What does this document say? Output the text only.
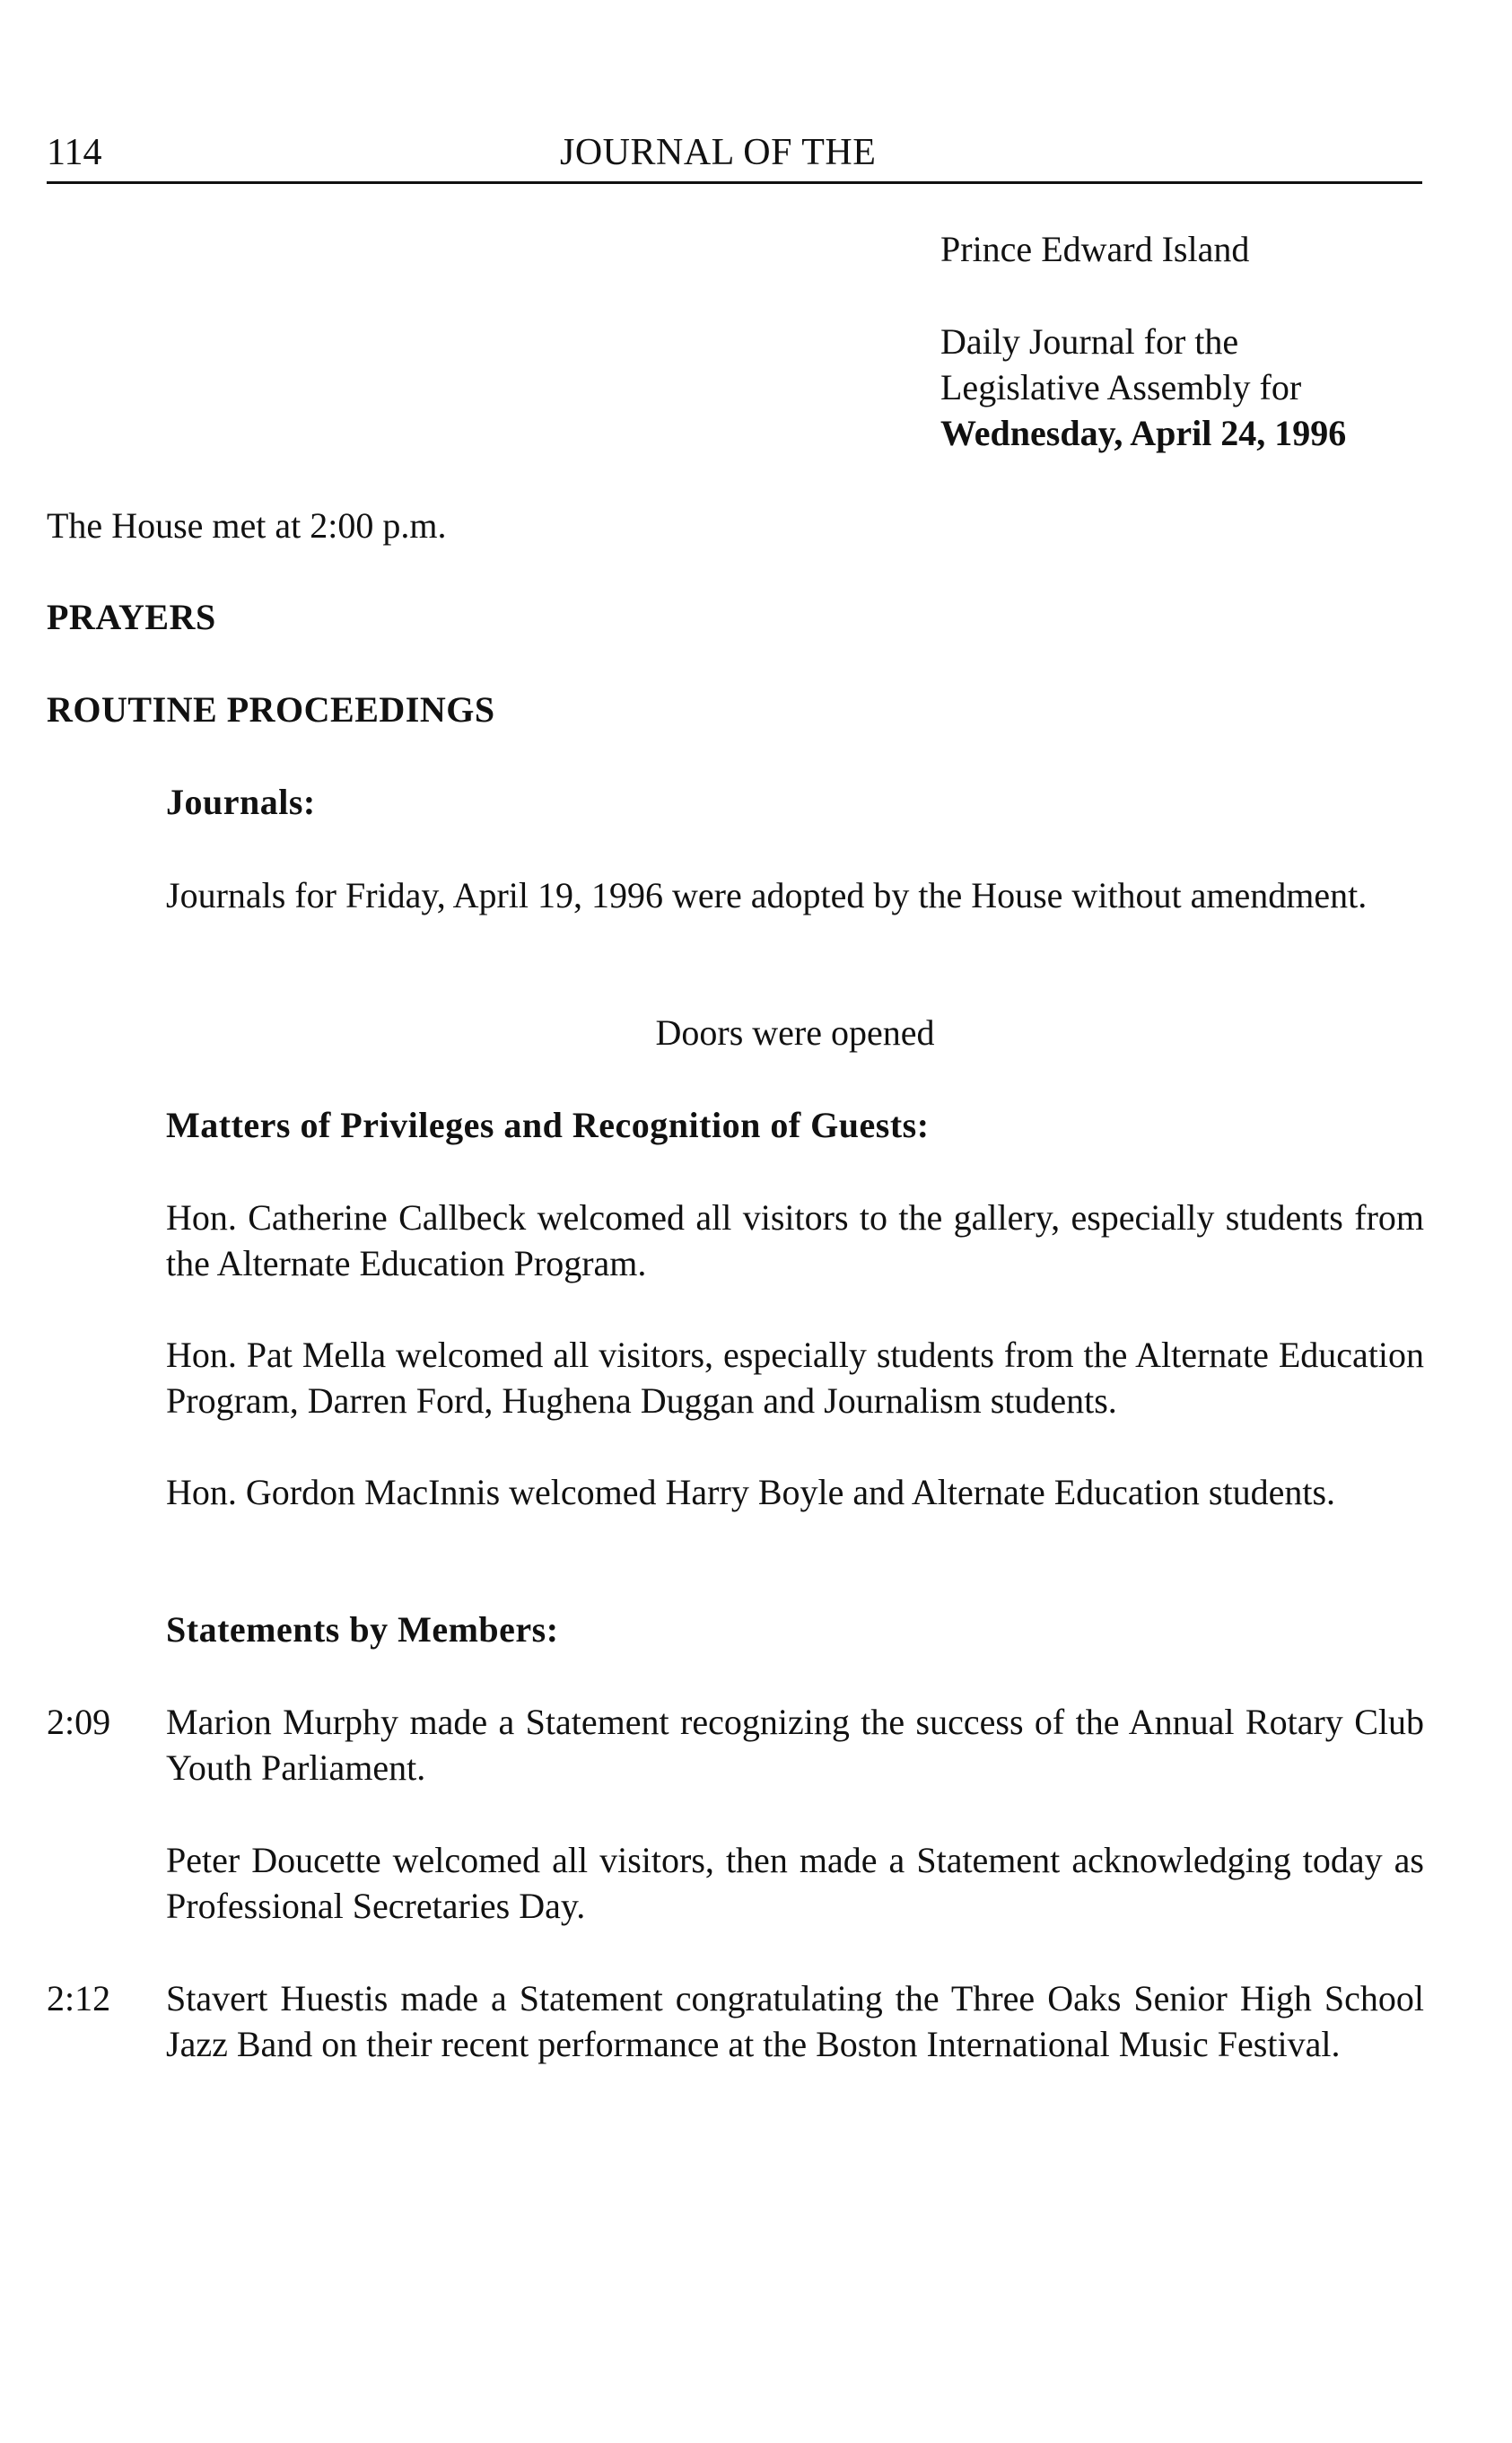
114	JOURNAL OF THE
Prince Edward Island
Daily Journal for the
Legislative Assembly for
Wednesday, April 24, 1996
The House met at 2:00 p.m.
PRAYERS
ROUTINE PROCEEDINGS
Journals:
Journals for Friday, April 19, 1996 were adopted by the House without amendment.
Doors were opened
Matters of Privileges and Recognition of Guests:
Hon. Catherine Callbeck welcomed all visitors to the gallery, especially students from the Alternate Education Program.
Hon. Pat Mella welcomed all visitors, especially students from the Alternate Education Program, Darren Ford, Hughena Duggan and Journalism students.
Hon. Gordon MacInnis welcomed Harry Boyle and Alternate Education students.
Statements by Members:
2:09 Marion Murphy made a Statement recognizing the success of the Annual Rotary Club Youth Parliament.
Peter Doucette welcomed all visitors, then made a Statement acknowledging today as Professional Secretaries Day.
2:12 Stavert Huestis made a Statement congratulating the Three Oaks Senior High School Jazz Band on their recent performance at the Boston International Music Festival.
